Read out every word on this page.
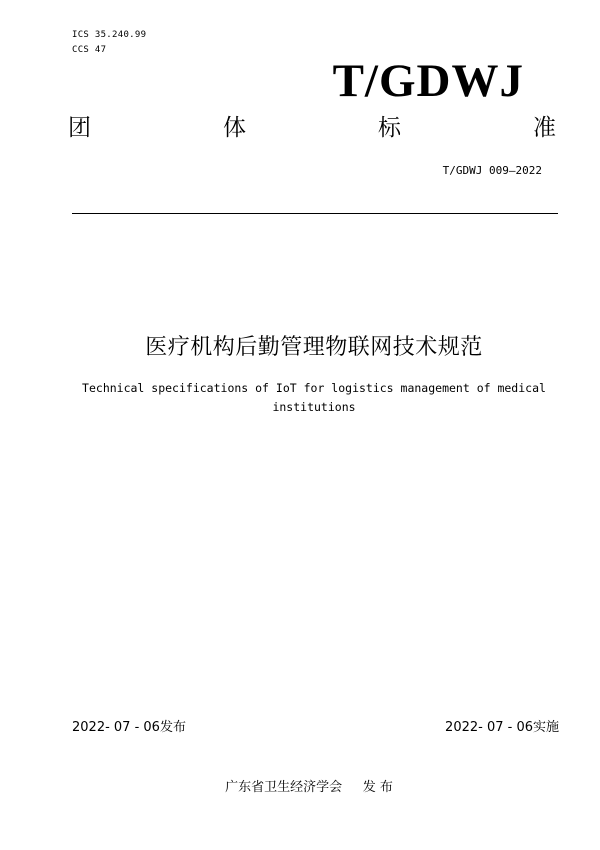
ICS 35.240.99
CCS 47
T/GDWJ
团	体	标	准
T/GDWJ 009—2022
医疗机构后勤管理物联网技术规范
Technical specifications of IoT for logistics management of medical institutions
2022- 07 - 06发布	2022- 07 - 06实施
广东省卫生经济学会     发 布
